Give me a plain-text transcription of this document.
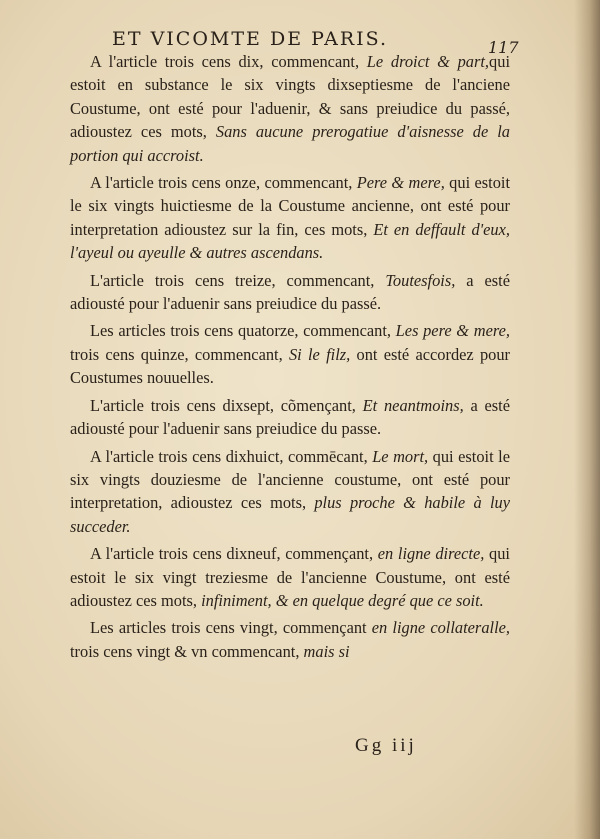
ET VICOMTE DE PARIS.	117

A l'article trois cens dix, commencant, Le droict & part,qui estoit en substance le six vingts dixseptiesme de l'anciene Coustume, ont esté pour l'aduenir, & sans preiudice du passé, adioustez ces mots, Sans aucune prerogatiue d'aisnesse de la portion qui accroist.

A l'article trois cens onze, commencant, Pere & mere, qui estoit le six vingts huictiesme de la Coustume ancienne, ont esté pour interpretation adioustez sur la fin, ces mots, Et en deffault d'eux, l'ayeul ou ayeulle & autres ascendans.

L'article trois cens treize, commencant, Toutesfois, a esté adiousté pour l'aduenir sans preiudice du passé.

Les articles trois cens quatorze, commencant, Les pere & mere, trois cens quinze, commencant, Si le filz, ont esté accordez pour Coustumes nouuelles.

L'article trois cens dixsept, cõmençant, Et neantmoins, a esté adiousté pour l'aduenir sans preiudice du passe.

A l'article trois cens dixhuict, commēcant, Le mort, qui estoit le six vingts douziesme de l'ancienne coustume, ont esté pour interpretation, adioustez ces mots, plus proche & habile à luy succeder.

A l'article trois cens dixneuf, commençant, en ligne directe, qui estoit le six vingt treziesme de l'ancienne Coustume, ont esté adioustez ces mots, infiniment, & en quelque degré que ce soit.

Les articles trois cens vingt, commençant en ligne collateralle, trois cens vingt & vn commencant, mais si

Gg iij
